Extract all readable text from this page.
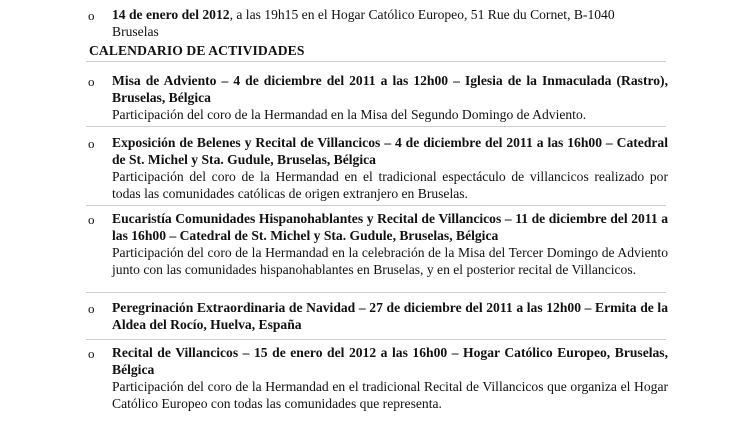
o 14 de enero del 2012, a las 19h15 en el Hogar Católico Europeo, 51 Rue du Cornet, B-1040
Bruselas
CALENDARIO DE ACTIVIDADES
o Misa de Adviento – 4 de diciembre del 2011 a las 12h00 – Iglesia de la Inmaculada (Rastro), Bruselas, Bélgica
Participación del coro de la Hermandad en la Misa del Segundo Domingo de Adviento.
o Exposición de Belenes y Recital de Villancicos – 4 de diciembre del 2011 a las 16h00 – Catedral de St. Michel y Sta. Gudule, Bruselas, Bélgica
Participación del coro de la Hermandad en el tradicional espectáculo de villancicos realizado por todas las comunidades católicas de origen extranjero en Bruselas.
o Eucaristía Comunidades Hispanohablantes y Recital de Villancicos – 11 de diciembre del 2011 a las 16h00 – Catedral de St. Michel y Sta. Gudule, Bruselas, Bélgica
Participación del coro de la Hermandad en la celebración de la Misa del Tercer Domingo de Adviento junto con las comunidades hispanohablantes en Bruselas, y en el posterior recital de Villancicos.
o Peregrinación Extraordinaria de Navidad – 27 de diciembre del 2011 a las 12h00 – Ermita de la Aldea del Rocío, Huelva, España
o Recital de Villancicos – 15 de enero del 2012 a las 16h00 – Hogar Católico Europeo, Bruselas, Bélgica
Participación del coro de la Hermandad en el tradicional Recital de Villancicos que organiza el Hogar Católico Europeo con todas las comunidades que representa.
